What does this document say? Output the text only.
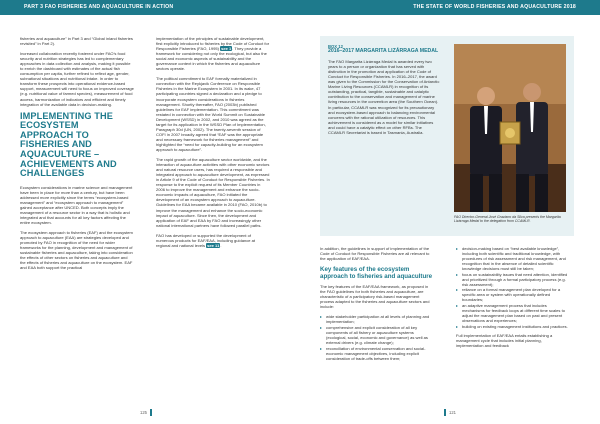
PART 3 FAO FISHERIES AND AQUACULTURE IN ACTION

fisheries and aquaculture” in Part 3 and “Global inland fisheries revisited” in Part 2).

Increased collaboration recently fostered under FAO’s food security and nutrition strategies has led to complementary approaches in data collection and analysis, making it possible to enrich the dashboard with estimates of the actual fish consumption per capita, further refined to reflect age, gender, subnational situations and nutritional intake. In order to transform these prospects into operational evidence-based support, measurement will need to focus on improved coverage (e.g. nutritional value of farmed species), measurement of food access, harmonization of indicators and efficient and timely integration of the available data in decision-making.

IMPLEMENTING THE ECOSYSTEM APPROACH TO FISHERIES AND AQUACULTURE – ACHIEVEMENTS AND CHALLENGES

Ecosystem considerations in marine science and management have been in place for more than a century, but have been addressed more explicitly since the terms “ecosystem-based management” and “ecosystem approach to management” gained acceptance after UNCED. Both concepts imply the management of a resource sector in a way that is holistic and integrated and that accounts for all key factors affecting the entire ecosystem.

The ecosystem approach to fisheries (EAF) and the ecosystem approach to aquaculture (EAA) are strategies developed and promoted by FAO in recognition of the need for wider frameworks for the planning, development and management of sustainable fisheries and aquaculture, taking into consideration the effects of other sectors on fisheries and aquaculture and the effects of fisheries and aquaculture on the ecosystem. EAF and EAA both support the practical

implementation of the principles of sustainable development, first explicitly introduced to fisheries by the Code of Conduct for Responsible Fisheries (FAO, 1995) see 1. They provide a framework for considering not only the ecological, but also the social and economic aspects of sustainability and the governance context in which the fisheries and aquaculture sectors operate.

The political commitment to EAF formally materialized in connection with the Reykjavik Conference on Responsible Fisheries in the Marine Ecosystem in 2001. In its wake, 47 participating countries signed a declaration and a pledge to incorporate ecosystem considerations in fisheries management. Shortly thereafter, FAO (2003b) published guidelines for EAF implementation. This commitment was restated in connection with the World Summit on Sustainable Development (WSSD) in 2002, and 2010 was agreed as the target for its application in the WSSD Plan of Implementation, Paragraph 30d (UN, 2002). The twenty-seventh session of COFI in 2007 broadly agreed that “EAF was the appropriate and necessary framework for fisheries management” and highlighted the “need for capacity-building for an ecosystem approach to aquaculture”.

The rapid growth of the aquaculture sector worldwide, and the interaction of aquaculture activities with other economic sectors and natural resource users, has required a responsible and integrated approach to aquaculture development, as expressed in Article 9 of the Code of Conduct for Responsible Fisheries. In response to the explicit request of its Member Countries in 2006 to improve the management and enhance the socio-economic impacts of aquaculture, FAO initiated the development of an ecosystem approach to aquaculture. Guidelines for EAA became available in 2010 (FAO, 2010b) to improve the management and enhance the socio-economic impact of aquaculture. Since then, the development and application of EAF and EAA by FAO and increasingly other national international partners have followed parallel paths.

FAO has developed or supported the development of numerous products for EAF/EAA, including guidance at regional and national levels see 11.

125
THE STATE OF WORLD FISHERIES AND AQUACULTURE 2018
BOX 12
2016–2017 MARGARITA LIZÁRRAGA MEDAL

The FAO Margarita Lizárraga Medal is awarded every two years to a person or organization that has served with distinction in the promotion and application of the Code of Conduct for Responsible Fisheries. In 2016–2017, the award was given to the Commission for the Conservation of Antarctic Marine Living Resources (CCAMLR) in recognition of its outstanding, practical, tangible, sustainable and catalytic contribution to the conservation and management of marine living resources in the convention area (the Southern Ocean). In particular, CCAMLR was recognized for its precautionary and ecosystem-based approach to balancing environmental concerns with the rational utilization of resources. This achievement is considered as a model for similar initiatives and could have a catalytic effect on other RFBs. The CCAMLR Secretariat is based in Tasmania, Australia.

FAO Director-General José Graziano da Silva presents the Margarita Lizárraga Medal to the delegation from CCAMLR.

In addition, the guidelines in support of implementation of the Code of Conduct for Responsible Fisheries are all relevant to the application of EAF/EAA.

Key features of the ecosystem approach to fisheries and aquaculture

The key features of the EAF/EAA framework, as proposed in the FAO guidelines for both fisheries and aquaculture, are characteristic of a participatory risk-based management process adapted to the fisheries and aquaculture sectors and include:

▸ wide stakeholder participation at all levels of planning and implementation;
▸ comprehensive and explicit consideration of all key components of all fishery or aquaculture systems (ecological, social, economic and governance) as well as external drivers (e.g. climate change);
▸ reconciliation of environmental conservation and social-economic management objectives, including explicit consideration of trade-offs between them;
▸ decision-making based on “best available knowledge”, including both scientific and traditional knowledge, with procedures of risk assessment and risk management, and recognition that in the absence of detailed scientific knowledge decisions must still be taken;
▸ focus on sustainability issues that need attention, identified and prioritized through a formal participatory process (e.g. risk assessment);
▸ reliance on a formal management plan developed for a specific area or system with operationally defined boundaries;
▸ an adaptive management process that includes mechanisms for feedback loops at different time scales to adjust the management plan based on past and present observations and experiences;
▸ building on existing management institutions and practices.

Full implementation of EAF/EAA entails establishing a management cycle that includes initial planning, implementation and feedback

121
